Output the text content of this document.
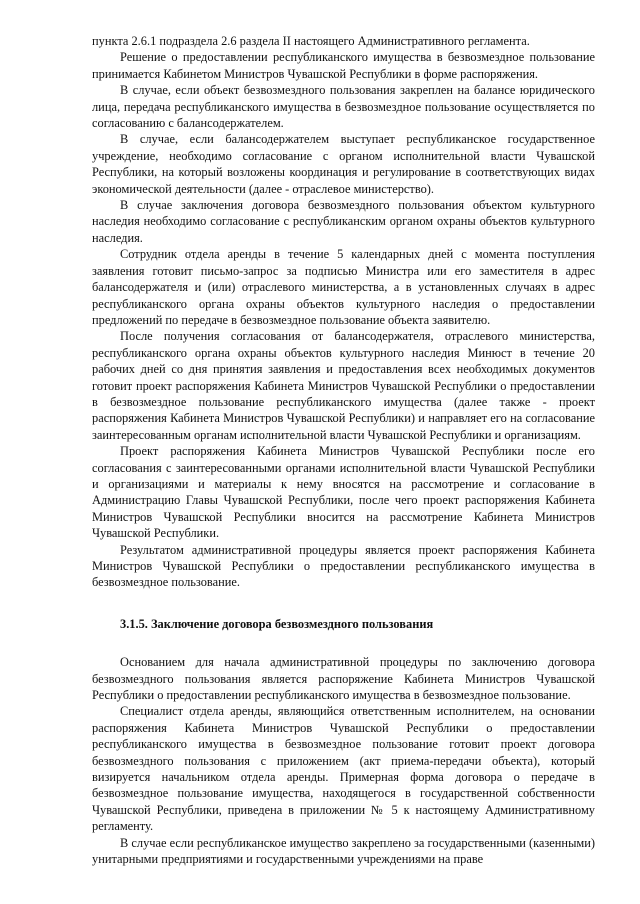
пункта 2.6.1 подраздела 2.6 раздела II настоящего Административного регламента.

Решение о предоставлении республиканского имущества в безвозмездное пользование принимается Кабинетом Министров Чувашской Республики в форме распоряжения.

В случае, если объект безвозмездного пользования закреплен на балансе юридического лица, передача республиканского имущества в безвозмездное пользование осуществляется по согласованию с балансодержателем.

В случае, если балансодержателем выступает республиканское государственное учреждение, необходимо согласование с органом исполнительной власти Чувашской Республики, на который возложены координация и регулирование в соответствующих видах экономической деятельности (далее - отраслевое министерство).

В случае заключения договора безвозмездного пользования объектом культурного наследия необходимо согласование с республиканским органом охраны объектов культурного наследия.

Сотрудник отдела аренды в течение 5 календарных дней с момента поступления заявления готовит письмо-запрос за подписью Министра или его заместителя в адрес балансодержателя и (или) отраслевого министерства, а в установленных случаях в адрес республиканского органа охраны объектов культурного наследия о предоставлении предложений по передаче в безвозмездное пользование объекта заявителю.

После получения согласования от балансодержателя, отраслевого министерства, республиканского органа охраны объектов культурного наследия Минюст в течение 20 рабочих дней со дня принятия заявления и предоставления всех необходимых документов готовит проект распоряжения Кабинета Министров Чувашской Республики о предоставлении в безвозмездное пользование республиканского имущества (далее также - проект распоряжения Кабинета Министров Чувашской Республики) и направляет его на согласование заинтересованным органам исполнительной власти Чувашской Республики и организациям.

Проект распоряжения Кабинета Министров Чувашской Республики после его согласования с заинтересованными органами исполнительной власти Чувашской Республики и организациями и материалы к нему вносятся на рассмотрение и согласование в Администрацию Главы Чувашской Республики, после чего проект распоряжения Кабинета Министров Чувашской Республики вносится на рассмотрение Кабинета Министров Чувашской Республики.

Результатом административной процедуры является проект распоряжения Кабинета Министров Чувашской Республики о предоставлении республиканского имущества в безвозмездное пользование.

3.1.5. Заключение договора безвозмездного пользования

Основанием для начала административной процедуры по заключению договора безвозмездного пользования является распоряжение Кабинета Министров Чувашской Республики о предоставлении республиканского имущества в безвозмездное пользование.

Специалист отдела аренды, являющийся ответственным исполнителем, на основании распоряжения Кабинета Министров Чувашской Республики о предоставлении республиканского имущества в безвозмездное пользование готовит проект договора безвозмездного пользования с приложением (акт приема-передачи объекта), который визируется начальником отдела аренды. Примерная форма договора о передаче в безвозмездное пользование имущества, находящегося в государственной собственности Чувашской Республики, приведена в приложении № 5 к настоящему Административному регламенту.

В случае если республиканское имущество закреплено за государственными (казенными) унитарными предприятиями и государственными учреждениями на праве
